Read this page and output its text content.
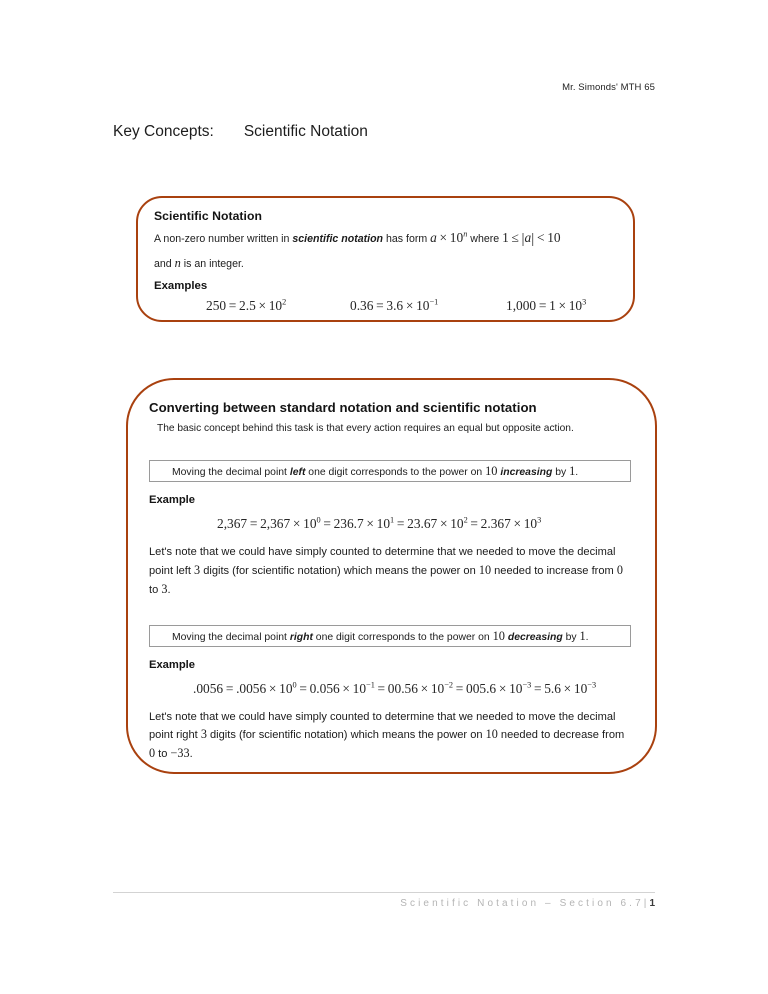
Mr. Simonds' MTH 65
Key Concepts: Scientific Notation
Scientific Notation
A non-zero number written in scientific notation has form a  ×  10$^n$ where 1  ≤  |a|  <  10
and n is an integer.
Examples
$250 = 2.5 \times 10^2$	$0.36 = 3.6 \times 10^{-1}$	$1,000 = 1 \times 10^3$
Converting between standard notation and scientific notation
The basic concept behind this task is that every action requires an equal but opposite action.
Moving the decimal point left one digit corresponds to the power on 10 increasing by 1.
Example
$2,367 = 2,367 \times 10^0 = 236.7 \times 10^1 = 23.67 \times 10^2 = 2.367 \times 10^3$
Let's note that we could have simply counted to determine that we needed to move the decimal point left 3 digits (for scientific notation) which means the power on 10 needed to increase from 0 to 3.
Moving the decimal point right one digit corresponds to the power on 10 decreasing by 1.
Example
$.0056 = .0056 \times 10^0 = 0.056 \times 10^{-1} = 00.56 \times 10^{-2} = 005.6 \times 10^{-3} = 5.6 \times 10^{-3}$
Let's note that we could have simply counted to determine that we needed to move the decimal point right 3 digits (for scientific notation) which means the power on 10 needed to decrease from 0 to −33.
Scientific Notation – Section 6.7|1
